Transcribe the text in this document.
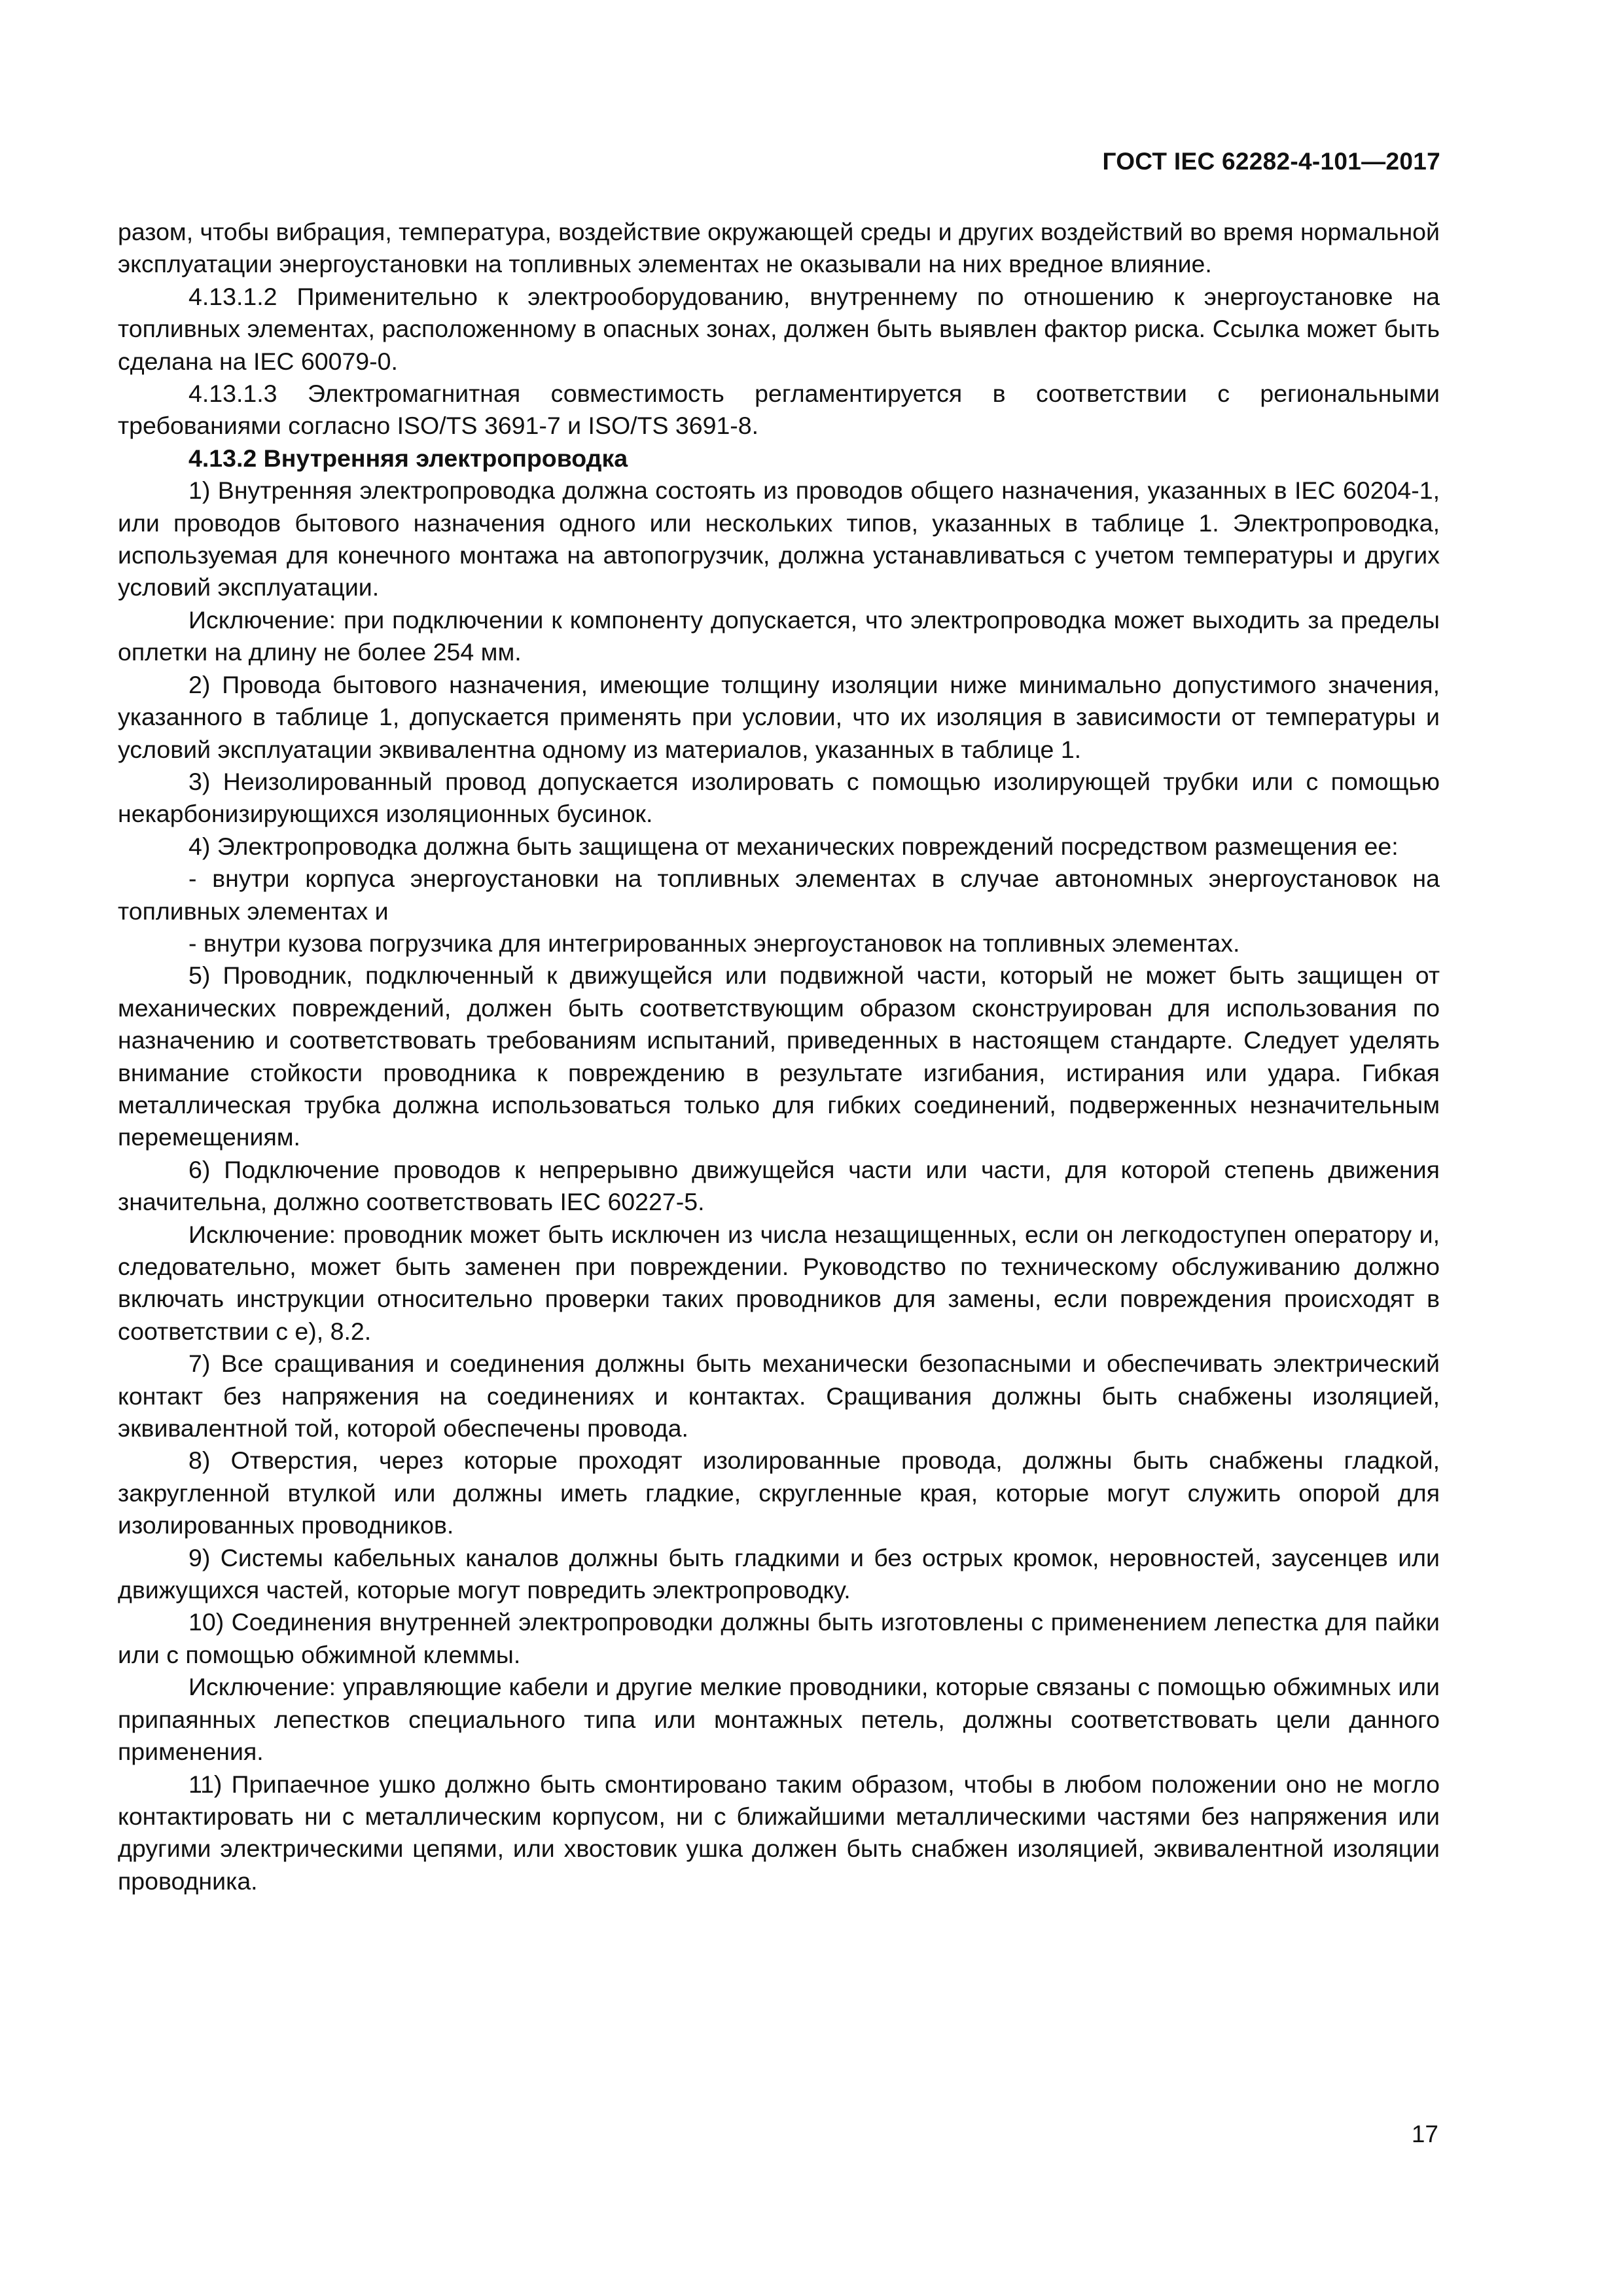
ГОСТ IEC 62282-4-101—2017

разом, чтобы вибрация, температура, воздействие окружающей среды и других воздействий во время нормальной эксплуатации энергоустановки на топливных элементах не оказывали на них вредное влияние.

4.13.1.2 Применительно к электрооборудованию, внутреннему по отношению к энергоустановке на топливных элементах, расположенному в опасных зонах, должен быть выявлен фактор риска. Ссылка может быть сделана на IEC 60079-0.

4.13.1.3 Электромагнитная совместимость регламентируется в соответствии с региональными требованиями согласно ISO/TS 3691-7 и ISO/TS 3691-8.

4.13.2 Внутренняя электропроводка

1) Внутренняя электропроводка должна состоять из проводов общего назначения, указанных в IEC 60204-1, или проводов бытового назначения одного или нескольких типов, указанных в таблице 1. Электропроводка, используемая для конечного монтажа на автопогрузчик, должна устанавливаться с учетом температуры и других условий эксплуатации.

Исключение: при подключении к компоненту допускается, что электропроводка может выходить за пределы оплетки на длину не более 254 мм.

2) Провода бытового назначения, имеющие толщину изоляции ниже минимально допустимого значения, указанного в таблице 1, допускается применять при условии, что их изоляция в зависимости от температуры и условий эксплуатации эквивалентна одному из материалов, указанных в таблице 1.

3) Неизолированный провод допускается изолировать с помощью изолирующей трубки или с помощью некарбонизирующихся изоляционных бусинок.

4) Электропроводка должна быть защищена от механических повреждений посредством размещения ее:

- внутри корпуса энергоустановки на топливных элементах в случае автономных энергоустановок на топливных элементах и

- внутри кузова погрузчика для интегрированных энергоустановок на топливных элементах.

5) Проводник, подключенный к движущейся или подвижной части, который не может быть защищен от механических повреждений, должен быть соответствующим образом сконструирован для использования по назначению и соответствовать требованиям испытаний, приведенных в настоящем стандарте. Следует уделять внимание стойкости проводника к повреждению в результате изгибания, истирания или удара. Гибкая металлическая трубка должна использоваться только для гибких соединений, подверженных незначительным перемещениям.

6) Подключение проводов к непрерывно движущейся части или части, для которой степень движения значительна, должно соответствовать IEC 60227-5.

Исключение: проводник может быть исключен из числа незащищенных, если он легкодоступен оператору и, следовательно, может быть заменен при повреждении. Руководство по техническому обслуживанию должно включать инструкции относительно проверки таких проводников для замены, если повреждения происходят в соответствии с е), 8.2.

7) Все сращивания и соединения должны быть механически безопасными и обеспечивать электрический контакт без напряжения на соединениях и контактах. Сращивания должны быть снабжены изоляцией, эквивалентной той, которой обеспечены провода.

8) Отверстия, через которые проходят изолированные провода, должны быть снабжены гладкой, закругленной втулкой или должны иметь гладкие, скругленные края, которые могут служить опорой для изолированных проводников.

9) Системы кабельных каналов должны быть гладкими и без острых кромок, неровностей, заусенцев или движущихся частей, которые могут повредить электропроводку.

10) Соединения внутренней электропроводки должны быть изготовлены с применением лепестка для пайки или с помощью обжимной клеммы.

Исключение: управляющие кабели и другие мелкие проводники, которые связаны с помощью обжимных или припаянных лепестков специального типа или монтажных петель, должны соответствовать цели данного применения.

11) Припаечное ушко должно быть смонтировано таким образом, чтобы в любом положении оно не могло контактировать ни с металлическим корпусом, ни с ближайшими металлическими частями без напряжения или другими электрическими цепями, или хвостовик ушка должен быть снабжен изоляцией, эквивалентной изоляции проводника.

17
